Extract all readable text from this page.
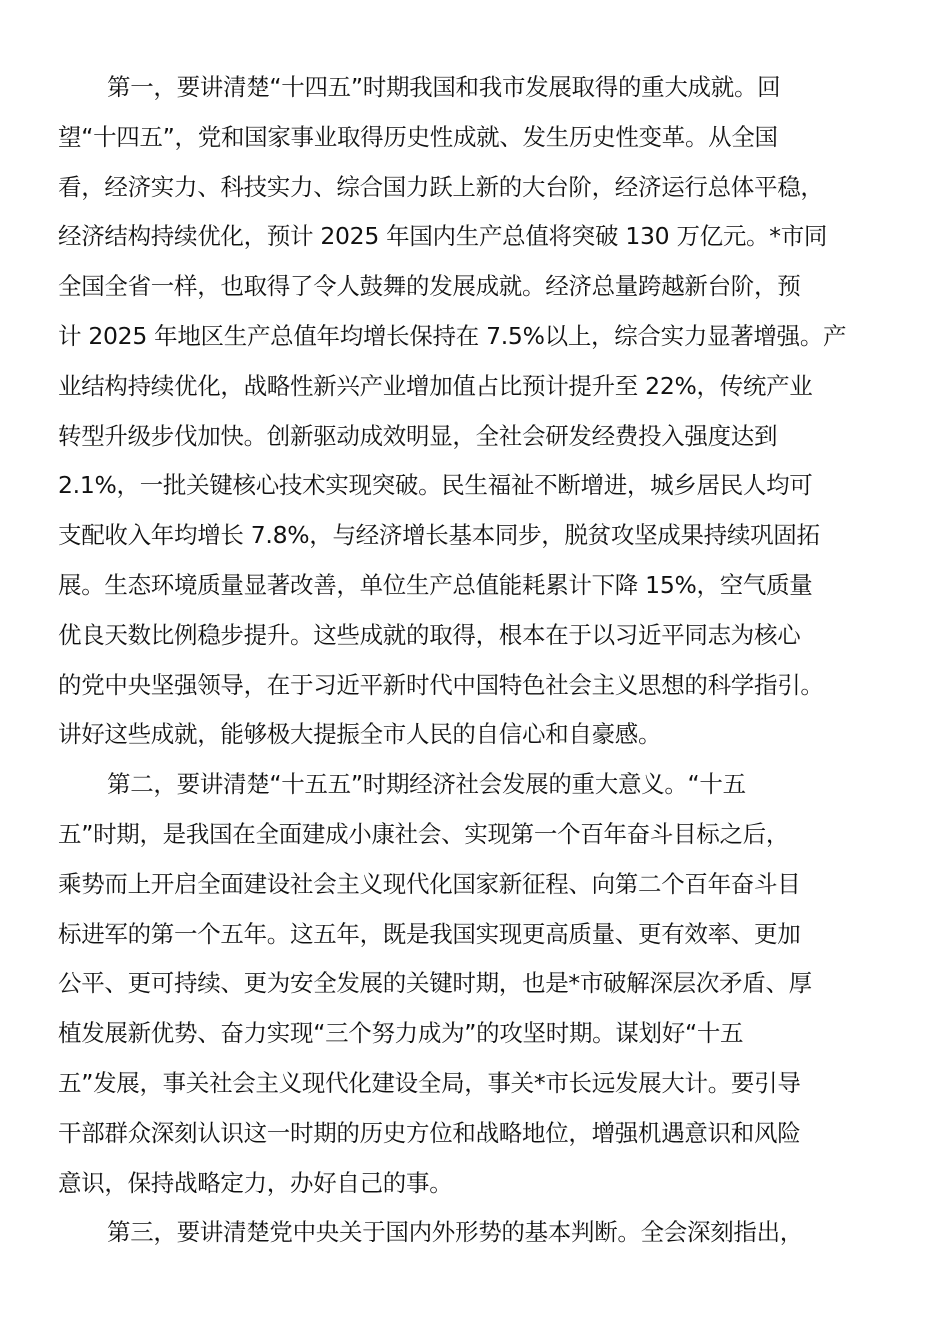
第一，要讲清楚“十四五”时期我国和我市发展取得的重大成就。回
望“十四五”，党和国家事业取得历史性成就、发生历史性变革。从全国
看，经济实力、科技实力、综合国力跃上新的大台阶，经济运行总体平稳，
经济结构持续优化，预计 2025 年国内生产总值将突破 130 万亿元。*市同
全国全省一样，也取得了令人鼓舞的发展成就。经济总量跨越新台阶，预
计 2025 年地区生产总值年均增长保持在 7.5%以上，综合实力显著增强。产
业结构持续优化，战略性新兴产业增加值占比预计提升至 22%，传统产业
转型升级步伐加快。创新驱动成效明显，全社会研发经费投入强度达到
2.1%，一批关键核心技术实现突破。民生福祉不断增进，城乡居民人均可
支配收入年均增长 7.8%，与经济增长基本同步，脱贫攻坚成果持续巩固拓
展。生态环境质量显著改善，单位生产总值能耗累计下降 15%，空气质量
优良天数比例稳步提升。这些成就的取得，根本在于以习近平同志为核心
的党中央坚强领导，在于习近平新时代中国特色社会主义思想的科学指引。
讲好这些成就，能够极大提振全市人民的自信心和自豪感。
第二，要讲清楚“十五五”时期经济社会发展的重大意义。“十五
五”时期，是我国在全面建成小康社会、实现第一个百年奋斗目标之后，
乘势而上开启全面建设社会主义现代化国家新征程、向第二个百年奋斗目
标进军的第一个五年。这五年，既是我国实现更高质量、更有效率、更加
公平、更可持续、更为安全发展的关键时期，也是*市破解深层次矛盾、厚
植发展新优势、奋力实现“三个努力成为”的攻坚时期。谋划好“十五
五”发展，事关社会主义现代化建设全局，事关*市长远发展大计。要引导
干部群众深刻认识这一时期的历史方位和战略地位，增强机遇意识和风险
意识，保持战略定力，办好自己的事。
第三，要讲清楚党中央关于国内外形势的基本判断。全会深刻指出，
